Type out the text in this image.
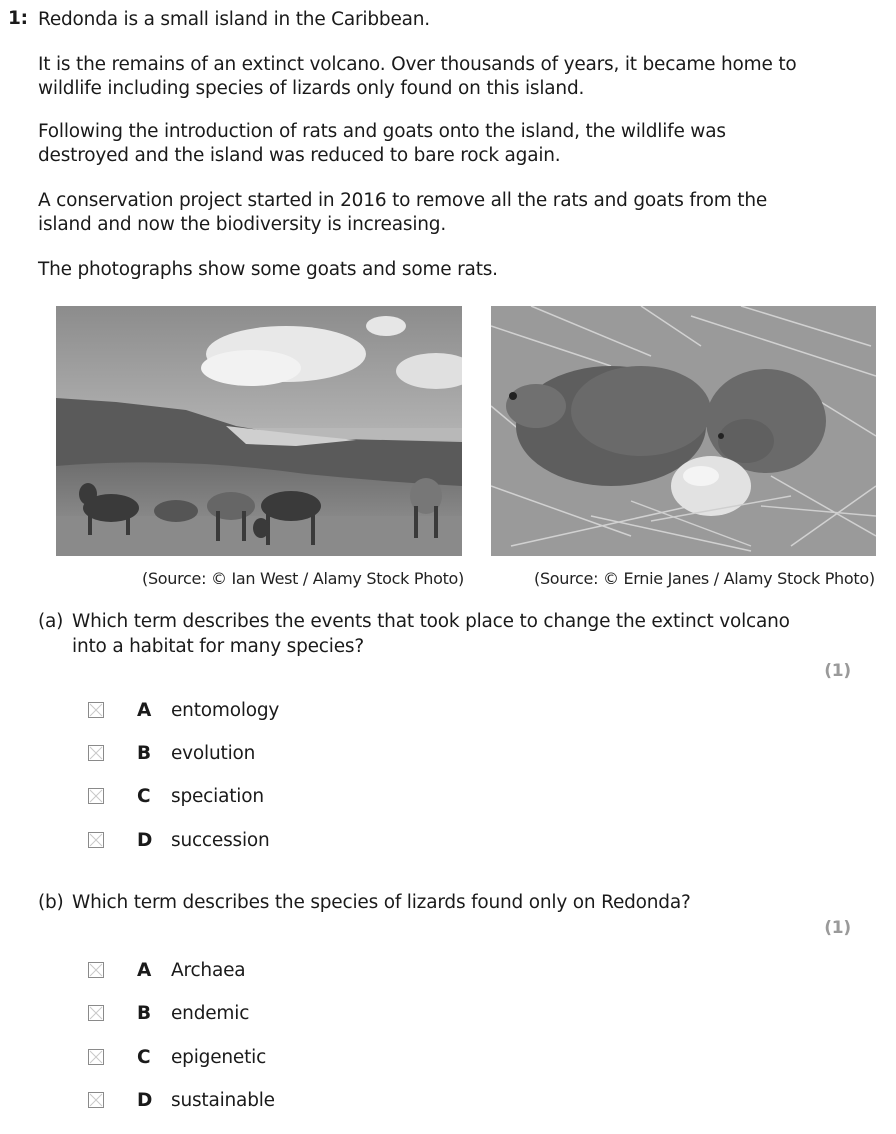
1: Redonda is a small island in the Caribbean.

It is the remains of an extinct volcano. Over thousands of years, it became home to wildlife including species of lizards only found on this island.

Following the introduction of rats and goats onto the island, the wildlife was destroyed and the island was reduced to bare rock again.

A conservation project started in 2016 to remove all the rats and goats from the island and now the biodiversity is increasing.

The photographs show some goats and some rats.

(Source: © Ian West / Alamy Stock Photo)	(Source: © Ernie Janes / Alamy Stock Photo)
(a) Which term describes the events that took place to change the extinct volcano into a habitat for many species?
(1)
A entomology
B evolution
C speciation
D succession
(b) Which term describes the species of lizards found only on Redonda?
(1)
A Archaea
B endemic
C epigenetic
D sustainable
